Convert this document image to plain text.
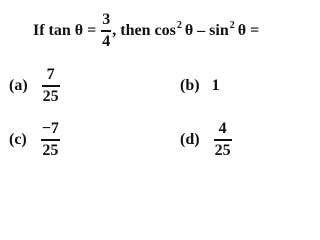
If $\tan \theta = \frac{3}{4}$ , then cos 2 θ – sin 2 θ =
$(a) \frac{7}{25}$	(b) 1
$(c) \frac{-7}{25}$	$(d) \frac{4}{25}$
